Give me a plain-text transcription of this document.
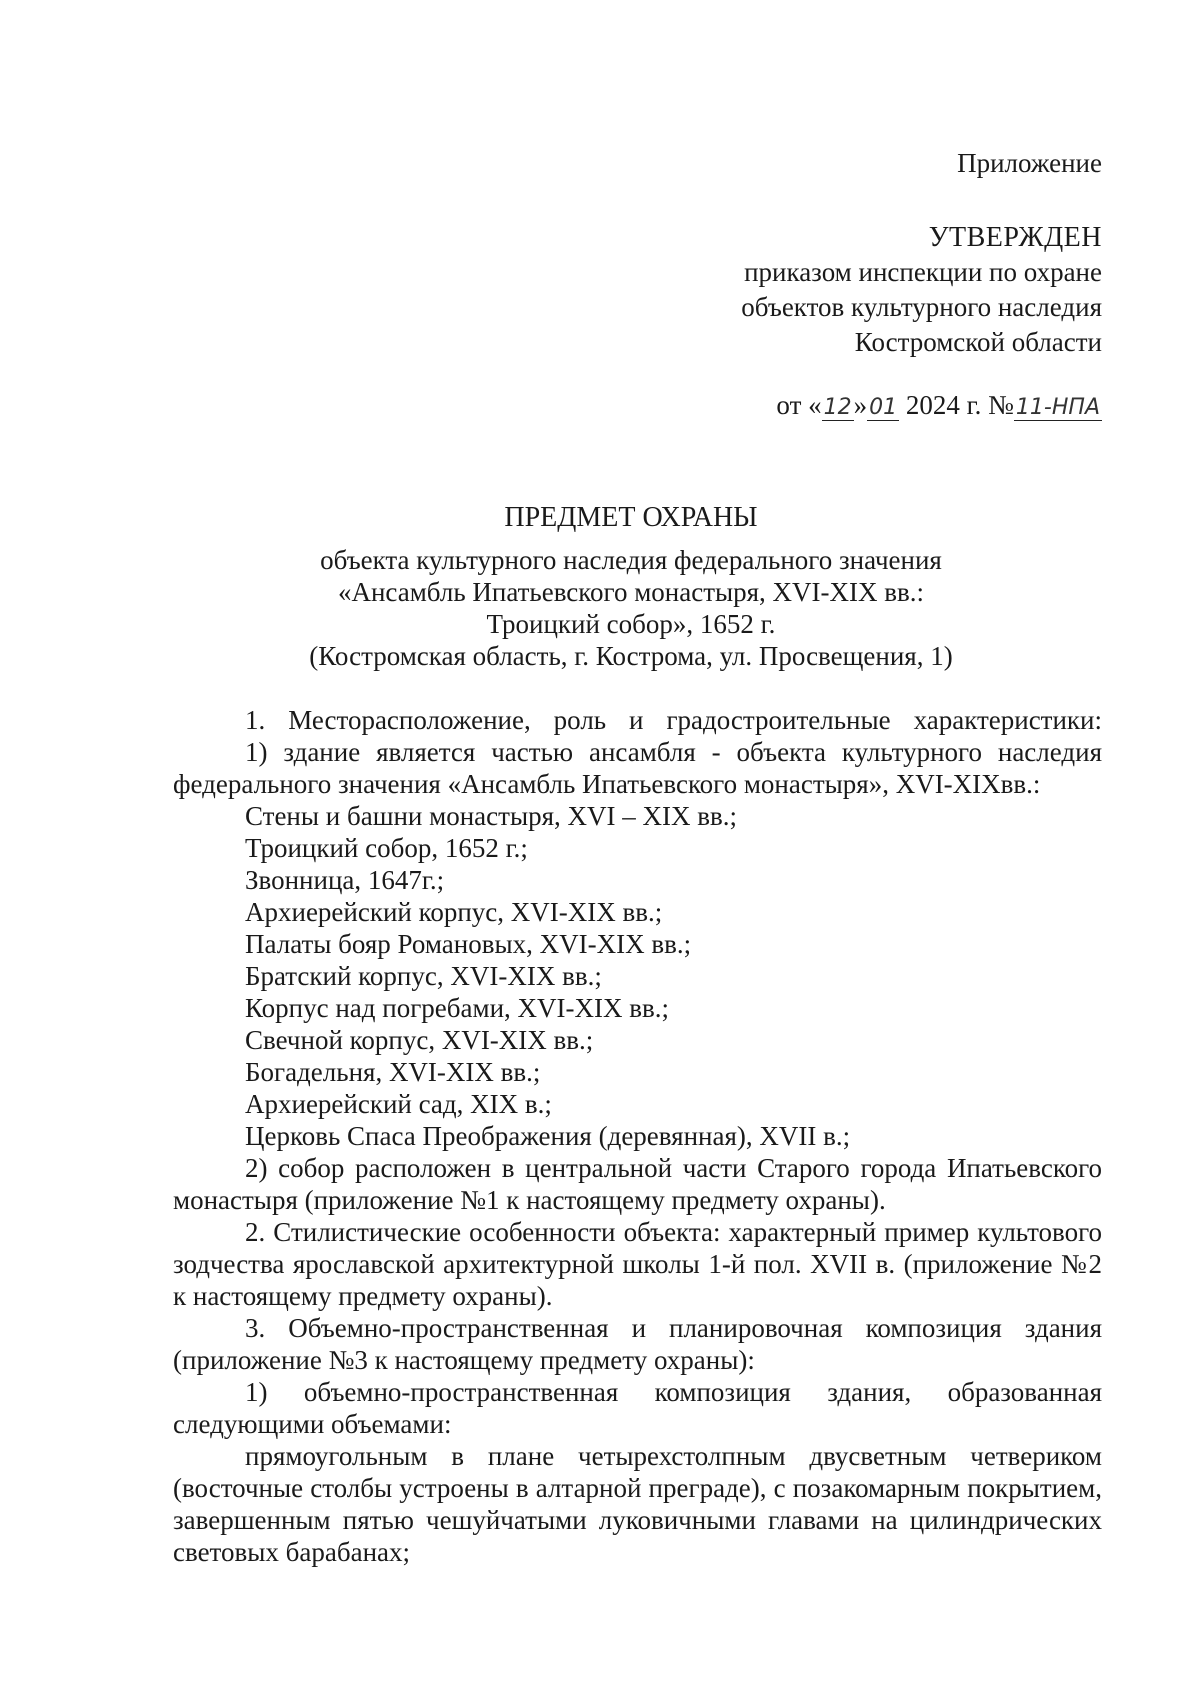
Приложение
УТВЕРЖДЕН
приказом инспекции по охране
объектов культурного наследия
Костромской области
от «12»01 2024 г. №11-НПА
ПРЕДМЕТ ОХРАНЫ
объекта культурного наследия федерального значения
«Ансамбль Ипатьевского монастыря, XVI-XIX вв.:
Троицкий собор», 1652 г.
(Костромская область, г. Кострома, ул. Просвещения, 1)

1. Месторасположение, роль и градостроительные характеристики:

1) здание является частью ансамбля - объекта культурного наследия федерального значения «Ансамбль Ипатьевского монастыря», XVI-XIXвв.:

Стены и башни монастыря, XVI – XIX вв.;

Троицкий собор, 1652 г.;

Звонница, 1647г.;

Архиерейский корпус, XVI-XIX вв.;

Палаты бояр Романовых, XVI-XIX вв.;

Братский корпус, XVI-XIX вв.;

Корпус над погребами, XVI-XIX вв.;

Свечной корпус, XVI-XIX вв.;

Богадельня, XVI-XIX вв.;

Архиерейский сад, XIX в.;

Церковь Спаса Преображения (деревянная), XVII в.;

2) собор расположен в центральной части Старого города Ипатьевского монастыря (приложение №1 к настоящему предмету охраны).

2. Стилистические особенности объекта: характерный пример культового зодчества ярославской архитектурной школы 1-й пол. XVII в. (приложение №2 к настоящему предмету охраны).

3. Объемно-пространственная и планировочная композиция здания (приложение №3 к настоящему предмету охраны):

1) объемно-пространственная композиция здания, образованная следующими объемами:

прямоугольным в плане четырехстолпным двусветным четвериком (восточные столбы устроены в алтарной преграде), с позакомарным покрытием, завершенным пятью чешуйчатыми луковичными главами на цилиндрических световых барабанах;
